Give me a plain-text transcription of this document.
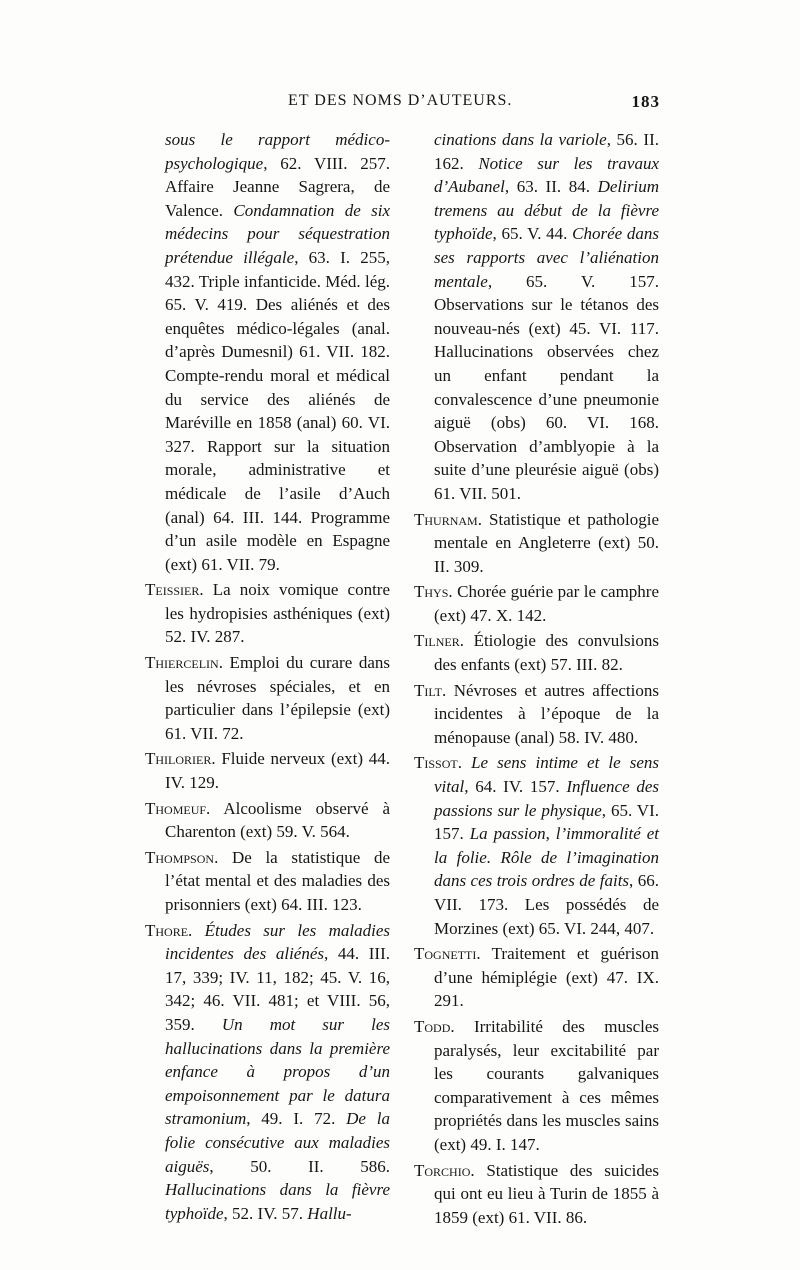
ET DES NOMS D’AUTEURS.	183

sous le rapport médico-psychologique, 62. VIII. 257. Affaire Jeanne Sagrera, de Valence. Condamnation de six médecins pour séquestration prétendue illégale, 63. I. 255, 432. Triple infanticide. Méd. lég. 65. V. 419. Des aliénés et des enquêtes médico-légales (anal. d’après Dumesnil) 61. VII. 182. Compte-rendu moral et médical du service des aliénés de Maréville en 1858 (anal) 60. VI. 327. Rapport sur la situation morale, administrative et médicale de l’asile d’Auch (anal) 64. III. 144. Programme d’un asile modèle en Espagne (ext) 61. VII. 79.

Teissier. La noix vomique contre les hydropisies asthéniques (ext) 52. IV. 287.

Thiercelin. Emploi du curare dans les névroses spéciales, et en particulier dans l’épilepsie (ext) 61. VII. 72.

Thilorier. Fluide nerveux (ext) 44. IV. 129.

Thomeuf. Alcoolisme observé à Charenton (ext) 59. V. 564.

Thompson. De la statistique de l’état mental et des maladies des prisonniers (ext) 64. III. 123.

Thore. Études sur les maladies incidentes des aliénés, 44. III. 17, 339; IV. 11, 182; 45. V. 16, 342; 46. VII. 481; et VIII. 56, 359. Un mot sur les hallucinations dans la première enfance à propos d’un empoisonnement par le datura stramonium, 49. I. 72. De la folie consécutive aux maladies aiguës, 50. II. 586. Hallucinations dans la fièvre typhoïde, 52. IV. 57. Hallu-

cinations dans la variole, 56. II. 162. Notice sur les travaux d’Aubanel, 63. II. 84. Delirium tremens au début de la fièvre typhoïde, 65. V. 44. Chorée dans ses rapports avec l’aliénation mentale, 65. V. 157. Observations sur le tétanos des nouveau-nés (ext) 45. VI. 117. Hallucinations observées chez un enfant pendant la convalescence d’une pneumonie aiguë (obs) 60. VI. 168. Observation d’amblyopie à la suite d’une pleurésie aiguë (obs) 61. VII. 501.

Thurnam. Statistique et pathologie mentale en Angleterre (ext) 50. II. 309.

Thys. Chorée guérie par le camphre (ext) 47. X. 142.

Tilner. Étiologie des convulsions des enfants (ext) 57. III. 82.

Tilt. Névroses et autres affections incidentes à l’époque de la ménopause (anal) 58. IV. 480.

Tissot. Le sens intime et le sens vital, 64. IV. 157. Influence des passions sur le physique, 65. VI. 157. La passion, l’immoralité et la folie. Rôle de l’imagination dans ces trois ordres de faits, 66. VII. 173. Les possédés de Morzines (ext) 65. VI. 244, 407.

Tognetti. Traitement et guérison d’une hémiplégie (ext) 47. IX. 291.

Todd. Irritabilité des muscles paralysés, leur excitabilité par les courants galvaniques comparativement à ces mêmes propriétés dans les muscles sains (ext) 49. I. 147.

Torchio. Statistique des suicides qui ont eu lieu à Turin de 1855 à 1859 (ext) 61. VII. 86.
